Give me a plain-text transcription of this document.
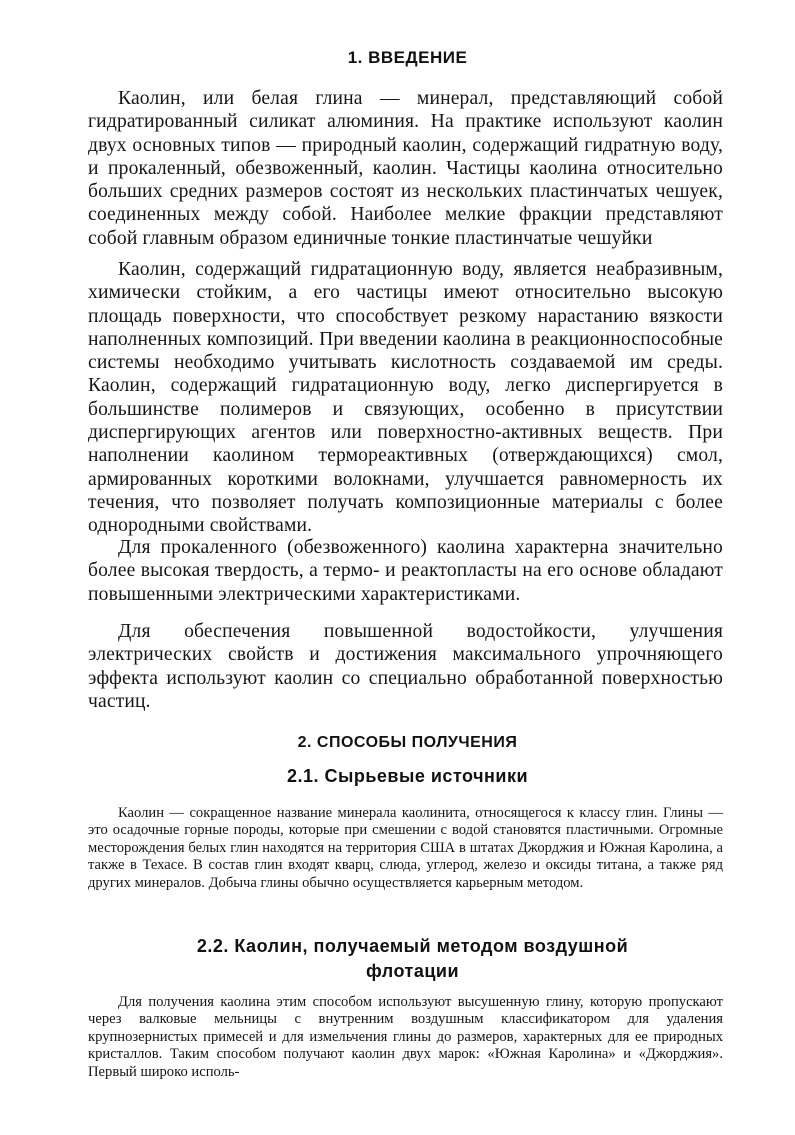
1. ВВЕДЕНИЕ

Каолин, или белая глина — минерал, представляющий собой гидратированный силикат алюминия. На практике используют каолин двух основных типов — природный каолин, содержащий гидратную воду, и прокаленный, обезвоженный, каолин. Частицы каолина относительно больших средних размеров состоят из нескольких пластинчатых чешуек, соединенных между собой. Наиболее мелкие фракции представляют собой главным образом единичные тонкие пластинчатые чешуйки

Каолин, содержащий гидратационную воду, является неабразивным, химически стойким, а его частицы имеют относительно высокую площадь поверхности, что способствует резкому нарастанию вязкости наполненных композиций. При введении каолина в реакционноспособные системы необходимо учитывать кислотность создаваемой им среды. Каолин, содержащий гидратационную воду, легко диспергируется в большинстве полимеров и связующих, особенно в присутствии диспергирующих агентов или поверхностно-активных веществ. При наполнении каолином термореактивных (отверждающихся) смол, армированных короткими волокнами, улучшается равномерность их течения, что позволяет получать композиционные материалы с более однородными свойствами.

Для прокаленного (обезвоженного) каолина характерна значительно более высокая твердость, а термо- и реактопласты на его основе обладают повышенными электрическими характеристиками.

Для обеспечения повышенной водостойкости, улучшения электрических свойств и достижения максимального упрочняющего эффекта используют каолин со специально обработанной поверхностью частиц.

2. СПОСОБЫ ПОЛУЧЕНИЯ
2.1. Сырьевые источники

Каолин — сокращенное название минерала каолинита, относящегося к классу глин. Глины — это осадочные горные породы, которые при смешении с водой становятся пластичными. Огромные месторождения белых глин находятся на территория США в штатах Джорджия и Южная Каролина, а также в Техасе. В состав глин входят кварц, слюда, углерод, железо и оксиды титана, а также ряд других минералов. Добыча глины обычно осуществляется карьерным методом.

2.2. Каолин, получаемый методом воздушной флотации

Для получения каолина этим способом используют высушенную глину, которую пропускают через валковые мельницы с внутренним воздушным классификатором для удаления крупнозернистых примесей и для измельчения глины до размеров, характерных для ее природных кристаллов. Таким способом получают каолин двух марок: «Южная Каролина» и «Джорджия». Первый широко исполь-
